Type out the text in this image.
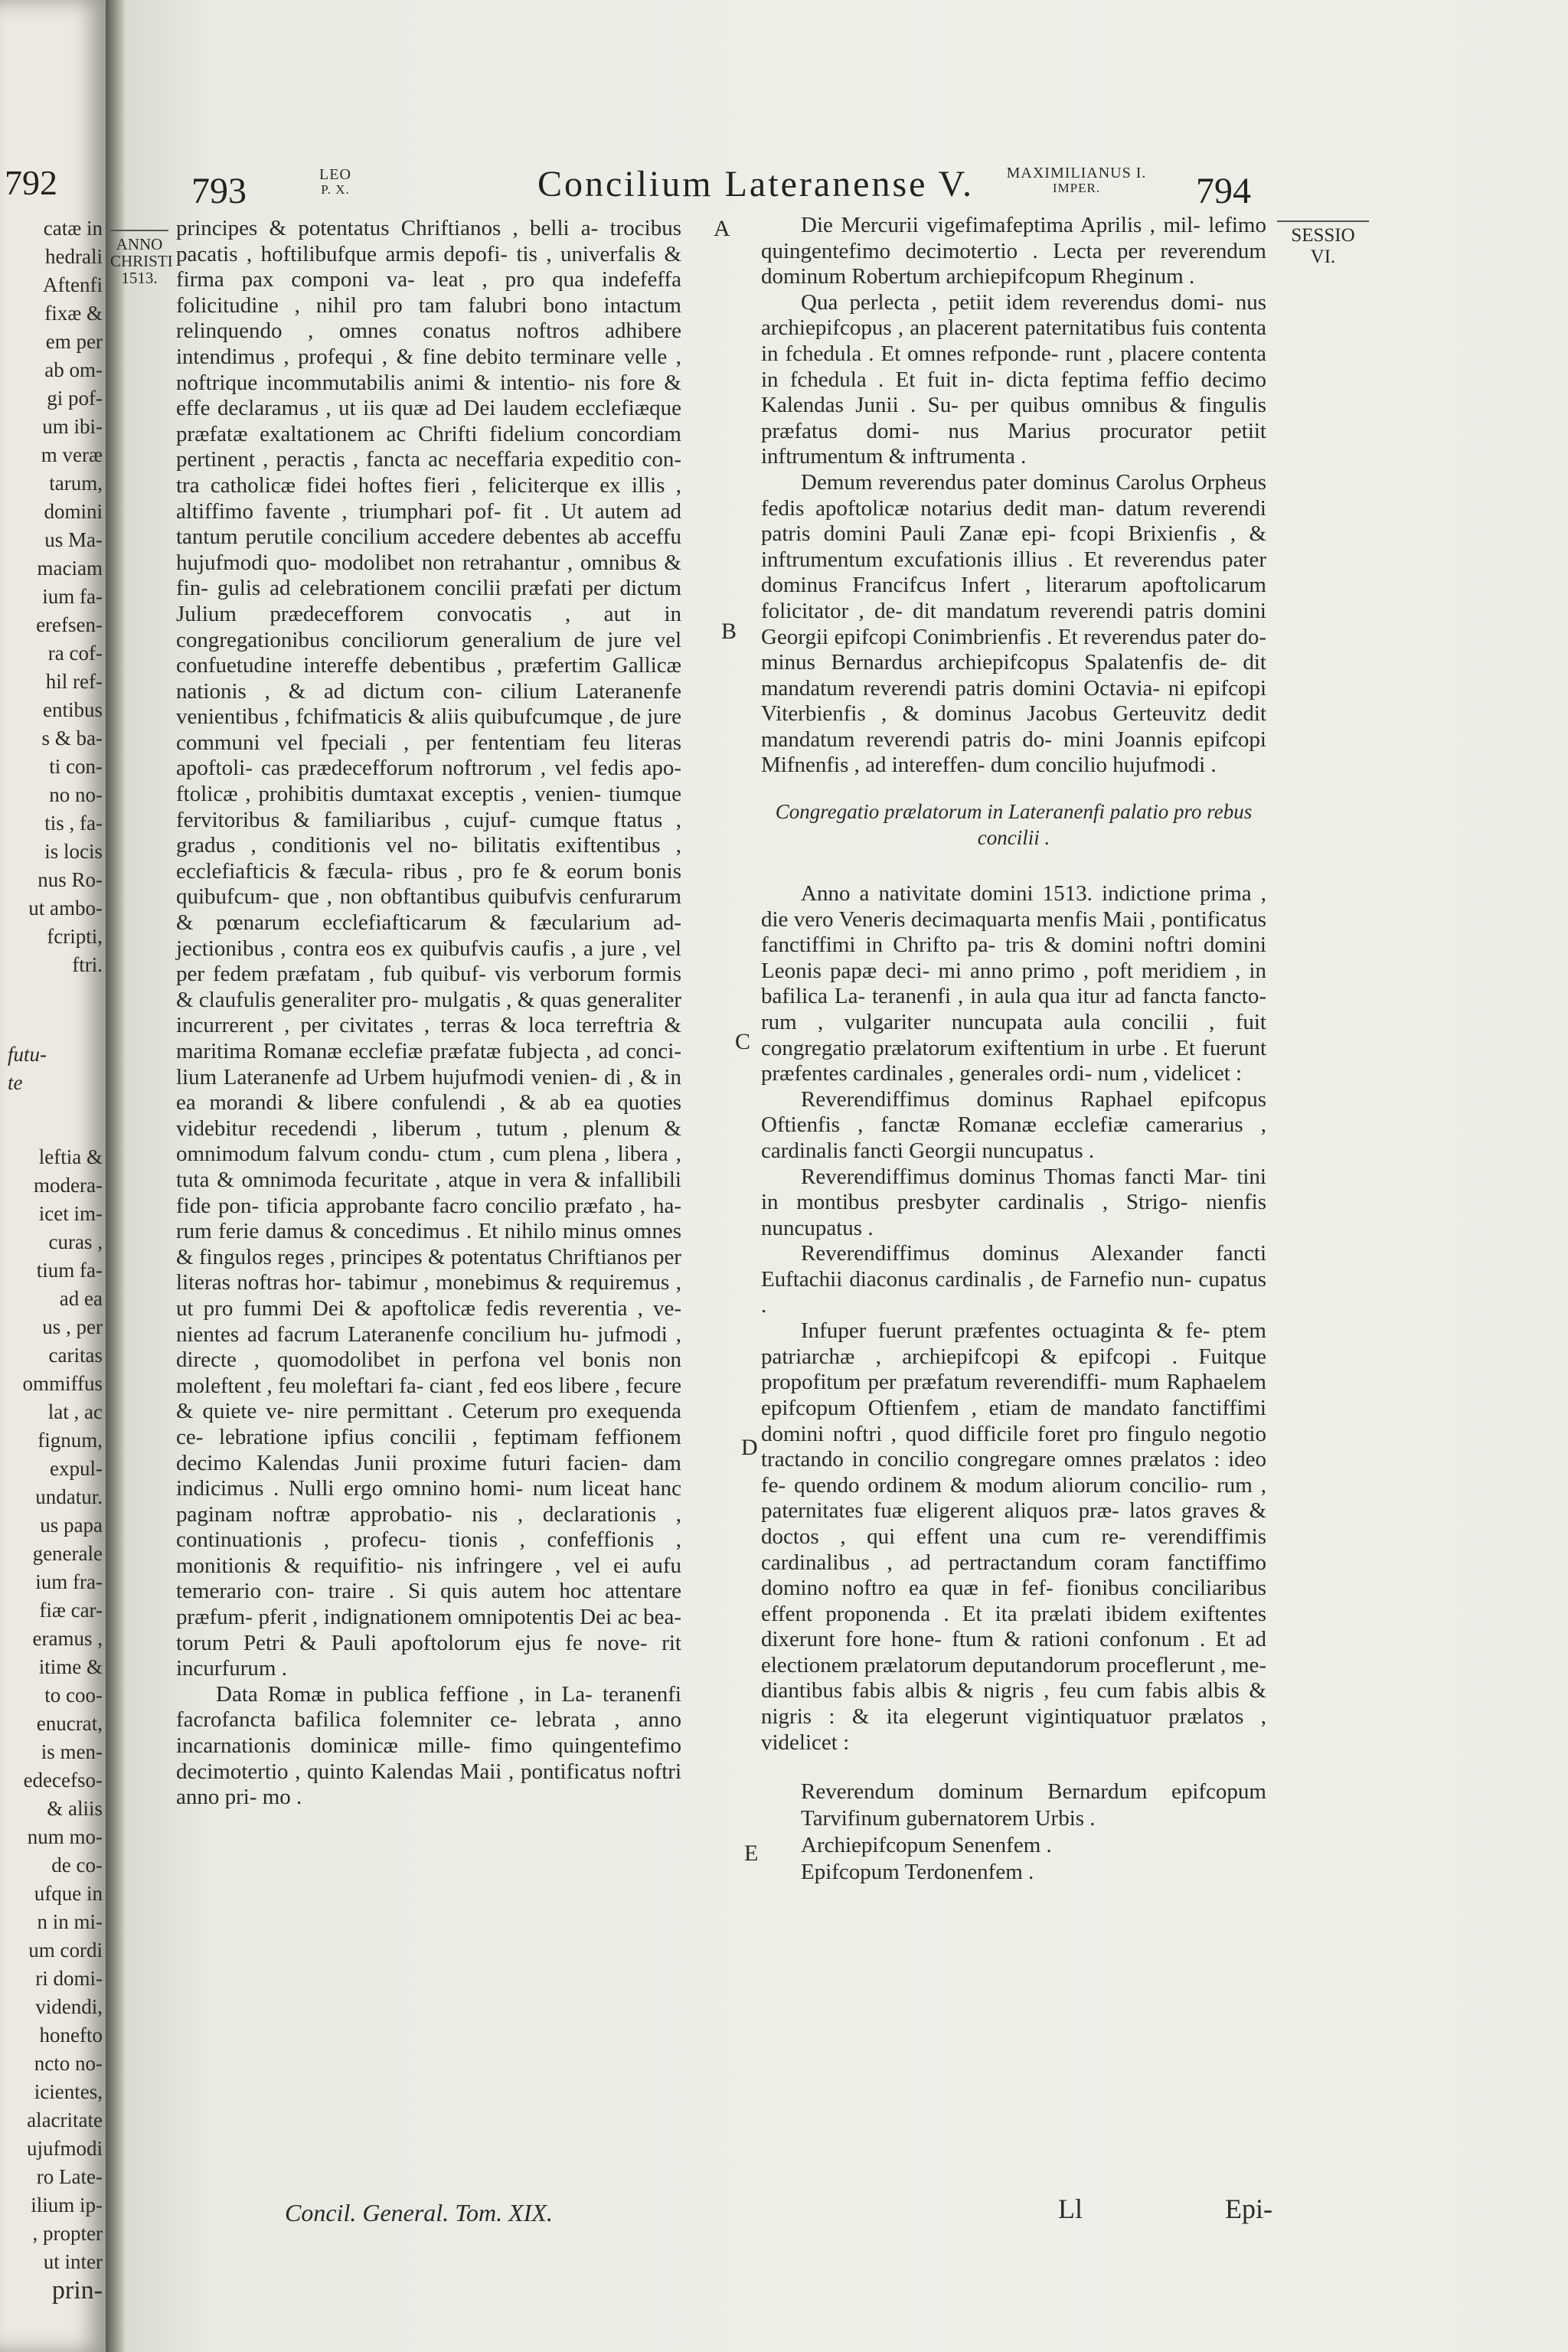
792
catæ in
hedrali
Aftenfi
fixæ &
em per
ab om-
gi pof-
um ibi-
m veræ
tarum,
domini
us Ma-
maciam
ium fa-
erefsen-
ra cof-
hil ref-
entibus
s & ba-
ti con-
no no-
tis , fa-
is locis
nus Ro-
ut ambo-
fcripti,
ftri.
futu-
te
leftia &
modera-
icet im-
curas ,
tium fa-
ad ea
us , per
caritas
ommiffus
lat , ac
fignum,
expul-
undatur.
us papa
generale
ium fra-
fiæ car-
eramus ,
itime &
to coo-
enucrat,
is men-
edecefso-
& aliis
num mo-
de co-
ufque in
n in mi-
um cordi
ri domi-
videndi,
honefto
ncto no-
icientes,
alacritate
ujufmodi
ro Late-
ilium ip-
, propter
ut inter
prin-
793	LEO
P. X.	Concilium Lateranense V.	MAXIMILIANUS I.
IMPER.	794
ANNO
CHRISTI
1513.
SESSIO
VI.

principes & potentatus Chriftianos , belli a- trocibus pacatis , hoftilibufque armis depofi- tis , univerfalis & firma pax componi va- leat , pro qua indefeffa folicitudine , nihil pro tam falubri bono intactum relinquendo , omnes conatus noftros adhibere intendimus , profequi , & fine debito terminare velle , noftrique incommutabilis animi & intentio- nis fore & effe declaramus , ut iis quæ ad Dei laudem ecclefiæque præfatæ exaltationem ac Chrifti fidelium concordiam pertinent , peractis , fancta ac neceffaria expeditio con- tra catholicæ fidei hoftes fieri , feliciterque ex illis , altiffimo favente , triumphari pof- fit . Ut autem ad tantum perutile concilium accedere debentes ab acceffu hujufmodi quo- modolibet non retrahantur , omnibus & fin- gulis ad celebrationem concilii præfati per dictum Julium prædecefforem convocatis , aut in congregationibus conciliorum generalium de jure vel confuetudine intereffe debentibus , præfertim Gallicæ nationis , & ad dictum con- cilium Lateranenfe venientibus , fchifmaticis & aliis quibufcumque , de jure communi vel fpeciali , per fententiam feu literas apoftoli- cas prædecefforum noftrorum , vel fedis apo- ftolicæ , prohibitis dumtaxat exceptis , venien- tiumque fervitoribus & familiaribus , cujuf- cumque ftatus , gradus , conditionis vel no- bilitatis exiftentibus , ecclefiafticis & fæcula- ribus , pro fe & eorum bonis quibufcum- que , non obftantibus quibufvis cenfurarum & pœnarum ecclefiafticarum & fæcularium ad- jectionibus , contra eos ex quibufvis caufis , a jure , vel per fedem præfatam , fub quibuf- vis verborum formis & claufulis generaliter pro- mulgatis , & quas generaliter incurrerent , per civitates , terras & loca terreftria & maritima Romanæ ecclefiæ præfatæ fubjecta , ad conci- lium Lateranenfe ad Urbem hujufmodi venien- di , & in ea morandi & libere confulendi , & ab ea quoties videbitur recedendi , liberum , tutum , plenum & omnimodum falvum condu- ctum , cum plena , libera , tuta & omnimoda fecuritate , atque in vera & infallibili fide pon- tificia approbante facro concilio præfato , ha- rum ferie damus & concedimus . Et nihilo minus omnes & fingulos reges , principes & potentatus Chriftianos per literas noftras hor- tabimur , monebimus & requiremus , ut pro fummi Dei & apoftolicæ fedis reverentia , ve- nientes ad facrum Lateranenfe concilium hu- jufmodi , directe , quomodolibet in perfona vel bonis non moleftent , feu moleftari fa- ciant , fed eos libere , fecure & quiete ve- nire permittant . Ceterum pro exequenda ce- lebratione ipfius concilii , feptimam feffionem decimo Kalendas Junii proxime futuri facien- dam indicimus . Nulli ergo omnino homi- num liceat hanc paginam noftræ approbatio- nis , declarationis , continuationis , profecu- tionis , confeffionis , monitionis & requifitio- nis infringere , vel ei aufu temerario con- traire . Si quis autem hoc attentare præfum- pferit , indignationem omnipotentis Dei ac bea- torum Petri & Pauli apoftolorum ejus fe nove- rit incurfurum .

Data Romæ in publica feffione , in La- teranenfi facrofancta bafilica folemniter ce- lebrata , anno incarnationis dominicæ mille- fimo quingentefimo decimotertio , quinto Kalendas Maii , pontificatus noftri anno pri- mo .

A
B
C
D
E

Die Mercurii vigefimafeptima Aprilis , mil- lefimo quingentefimo decimotertio . Lecta per reverendum dominum Robertum archiepifcopum Rheginum .

Qua perlecta , petiit idem reverendus domi- nus archiepifcopus , an placerent paternitatibus fuis contenta in fchedula . Et omnes refponde- runt , placere contenta in fchedula . Et fuit in- dicta feptima feffio decimo Kalendas Junii . Su- per quibus omnibus & fingulis præfatus domi- nus Marius procurator petiit inftrumentum & inftrumenta .

Demum reverendus pater dominus Carolus Orpheus fedis apoftolicæ notarius dedit man- datum reverendi patris domini Pauli Zanæ epi- fcopi Brixienfis , & inftrumentum excufationis illius . Et reverendus pater dominus Francifcus Infert , literarum apoftolicarum folicitator , de- dit mandatum reverendi patris domini Georgii epifcopi Conimbrienfis . Et reverendus pater do- minus Bernardus archiepifcopus Spalatenfis de- dit mandatum reverendi patris domini Octavia- ni epifcopi Viterbienfis , & dominus Jacobus Gerteuvitz dedit mandatum reverendi patris do- mini Joannis epifcopi Mifnenfis , ad intereffen- dum concilio hujufmodi .

Congregatio prælatorum in Lateranenfi palatio pro rebus concilii .

Anno a nativitate domini 1513. indictione prima , die vero Veneris decimaquarta menfis Maii , pontificatus fanctiffimi in Chrifto pa- tris & domini noftri domini Leonis papæ deci- mi anno primo , poft meridiem , in bafilica La- teranenfi , in aula qua itur ad fancta fancto- rum , vulgariter nuncupata aula concilii , fuit congregatio prælatorum exiftentium in urbe . Et fuerunt præfentes cardinales , generales ordi- num , videlicet :

Reverendiffimus dominus Raphael epifcopus Oftienfis , fanctæ Romanæ ecclefiæ camerarius , cardinalis fancti Georgii nuncupatus .

Reverendiffimus dominus Thomas fancti Mar- tini in montibus presbyter cardinalis , Strigo- nienfis nuncupatus .

Reverendiffimus dominus Alexander fancti Euftachii diaconus cardinalis , de Farnefio nun- cupatus .

Infuper fuerunt præfentes octuaginta & fe- ptem patriarchæ , archiepifcopi & epifcopi . Fuitque propofitum per præfatum reverendiffi- mum Raphaelem epifcopum Oftienfem , etiam de mandato fanctiffimi domini noftri , quod difficile foret pro fingulo negotio tractando in concilio congregare omnes prælatos : ideo fe- quendo ordinem & modum aliorum concilio- rum , paternitates fuæ eligerent aliquos præ- latos graves & doctos , qui effent una cum re- verendiffimis cardinalibus , ad pertractandum coram fanctiffimo domino noftro ea quæ in fef- fionibus conciliaribus effent proponenda . Et ita prælati ibidem exiftentes dixerunt fore hone- ftum & rationi confonum . Et ad electionem prælatorum deputandorum proceflerunt , me- diantibus fabis albis & nigris , feu cum fabis albis & nigris : & ita elegerunt vigintiquatuor prælatos , videlicet :

Reverendum dominum Bernardum epifcopum Tarvifinum gubernatorem Urbis .

Archiepifcopum Senenfem .

Epifcopum Terdonenfem .

Concil. General. Tom. XIX.	Ll	Epi-
